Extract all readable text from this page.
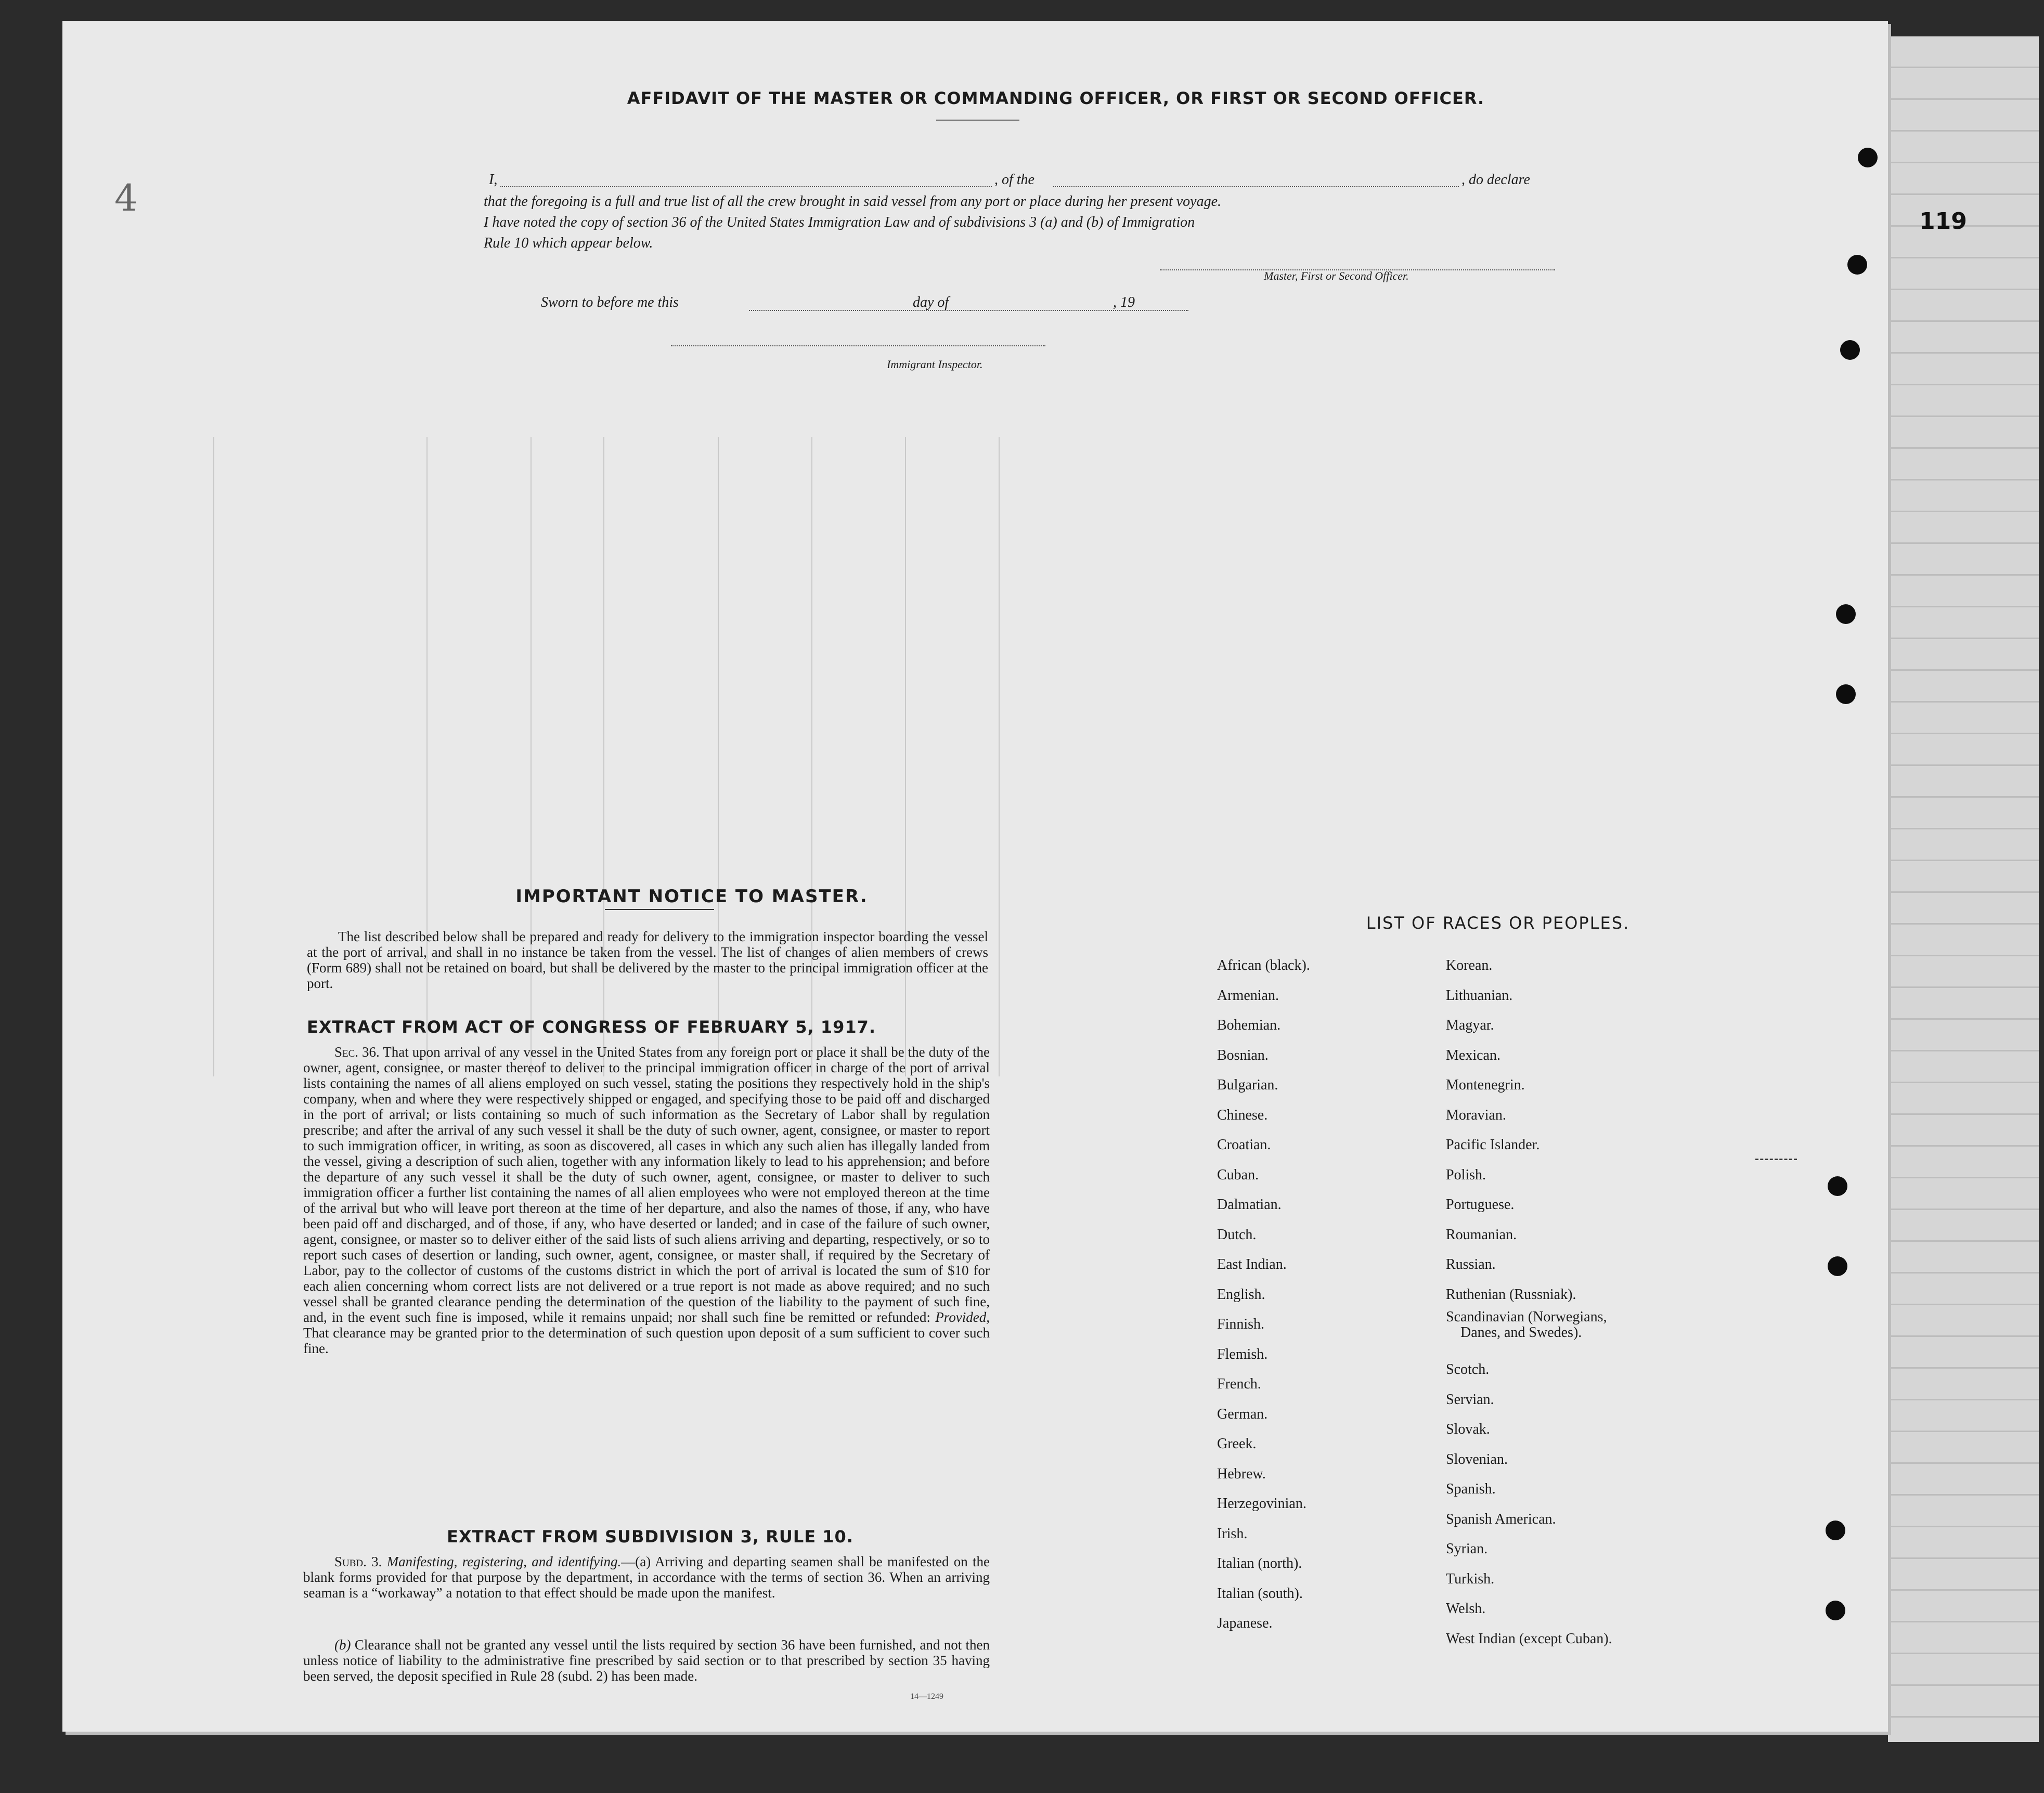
119

4
AFFIDAVIT OF THE MASTER OR COMMANDING OFFICER, OR FIRST OR SECOND OFFICER.
I,	, of the	, do declare
that the foregoing is a full and true list of all the crew brought in said vessel from any port or place during her present voyage.
I have noted the copy of section 36 of the United States Immigration Law and of subdivisions 3 (a) and (b) of Immigration
Rule 10 which appear below.
Master, First or Second Officer.
Sworn to before me this	day of	, 19
Immigrant Inspector.
IMPORTANT NOTICE TO MASTER.
The list described below shall be prepared and ready for delivery to the immigration inspector boarding the vessel at the port of arrival, and shall in no instance be taken from the vessel. The list of changes of alien members of crews (Form 689) shall not be retained on board, but shall be delivered by the master to the principal immigration officer at the port.
EXTRACT FROM ACT OF CONGRESS OF FEBRUARY 5, 1917.
Sec. 36. That upon arrival of any vessel in the United States from any foreign port or place it shall be the duty of the owner, agent, consignee, or master thereof to deliver to the principal immigration officer in charge of the port of arrival lists containing the names of all aliens employed on such vessel, stating the positions they respectively hold in the ship's company, when and where they were respectively shipped or engaged, and specifying those to be paid off and discharged in the port of arrival; or lists containing so much of such information as the Secretary of Labor shall by regulation prescribe; and after the arrival of any such vessel it shall be the duty of such owner, agent, consignee, or master to report to such immigration officer, in writing, as soon as discovered, all cases in which any such alien has illegally landed from the vessel, giving a description of such alien, together with any information likely to lead to his apprehension; and before the departure of any such vessel it shall be the duty of such owner, agent, consignee, or master to deliver to such immigration officer a further list containing the names of all alien employees who were not employed thereon at the time of the arrival but who will leave port thereon at the time of her departure, and also the names of those, if any, who have been paid off and discharged, and of those, if any, who have deserted or landed; and in case of the failure of such owner, agent, consignee, or master so to deliver either of the said lists of such aliens arriving and departing, respectively, or so to report such cases of desertion or landing, such owner, agent, consignee, or master shall, if required by the Secretary of Labor, pay to the collector of customs of the customs district in which the port of arrival is located the sum of $10 for each alien concerning whom correct lists are not delivered or a true report is not made as above required; and no such vessel shall be granted clearance pending the determination of the question of the liability to the payment of such fine, and, in the event such fine is imposed, while it remains unpaid; nor shall such fine be remitted or refunded: Provided, That clearance may be granted prior to the determination of such question upon deposit of a sum sufficient to cover such fine.
EXTRACT FROM SUBDIVISION 3, RULE 10.
Subd. 3. Manifesting, registering, and identifying.—(a) Arriving and departing seamen shall be manifested on the blank forms provided for that purpose by the department, in accordance with the terms of section 36. When an arriving seaman is a “workaway” a notation to that effect should be made upon the manifest.
(b) Clearance shall not be granted any vessel until the lists required by section 36 have been furnished, and not then unless notice of liability to the administrative fine prescribed by said section or to that prescribed by section 35 having been served, the deposit specified in Rule 28 (subd. 2) has been made.
14—1249
LIST OF RACES OR PEOPLES.
African (black).
Armenian.
Bohemian.
Bosnian.
Bulgarian.
Chinese.
Croatian.
Cuban.
Dalmatian.
Dutch.
East Indian.
English.
Finnish.
Flemish.
French.
German.
Greek.
Hebrew.
Herzegovinian.
Irish.
Italian (north).
Italian (south).
Japanese.
Korean.
Lithuanian.
Magyar.
Mexican.
Montenegrin.
Moravian.
Pacific Islander.
Polish.
Portuguese.
Roumanian.
Russian.
Ruthenian (Russniak).
Scandinavian (Norwegians,
Danes, and Swedes).
Scotch.
Servian.
Slovak.
Slovenian.
Spanish.
Spanish American.
Syrian.
Turkish.
Welsh.
West Indian (except Cuban).
